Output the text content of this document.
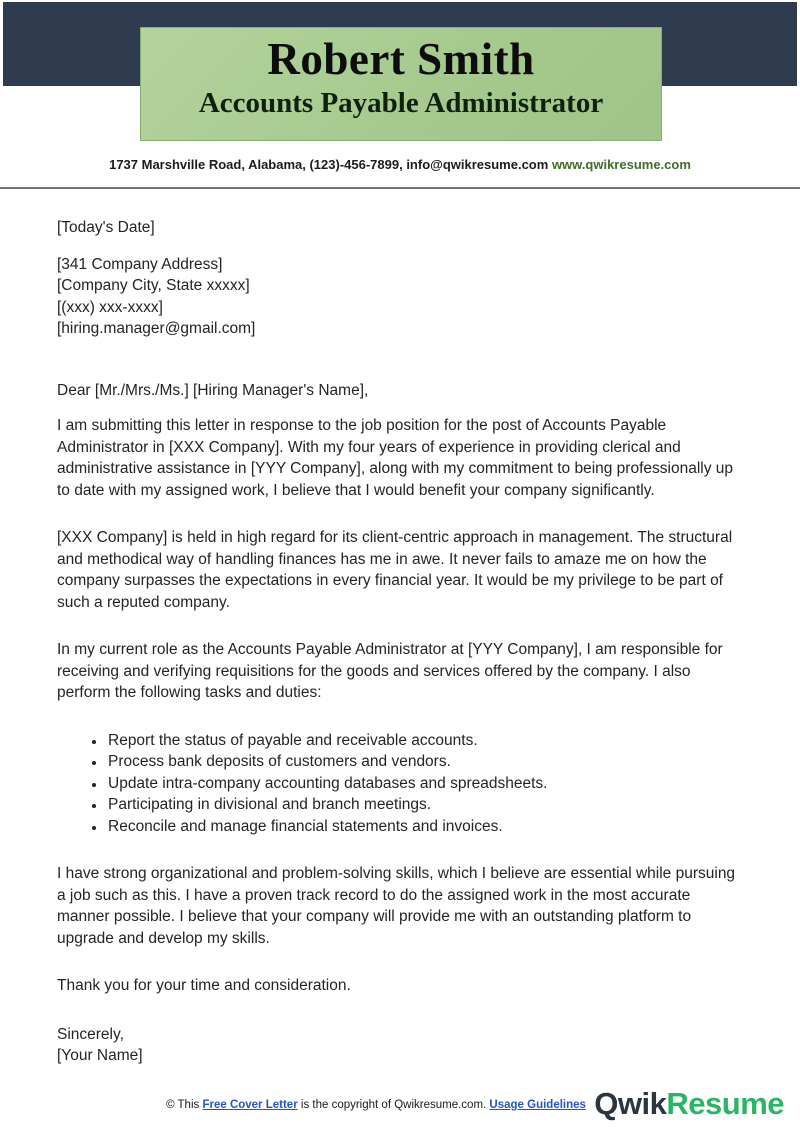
Robert Smith
Accounts Payable Administrator
1737 Marshville Road, Alabama, (123)-456-7899, info@qwikresume.com www.qwikresume.com

[Today's Date]

[341 Company Address]
[Company City, State xxxxx]
[(xxx) xxx-xxxx]
[hiring.manager@gmail.com]

Dear [Mr./Mrs./Ms.] [Hiring Manager's Name],

I am submitting this letter in response to the job position for the post of Accounts Payable Administrator in [XXX Company]. With my four years of experience in providing clerical and administrative assistance in [YYY Company], along with my commitment to being professionally up to date with my assigned work, I believe that I would benefit your company significantly.

[XXX Company] is held in high regard for its client-centric approach in management. The structural and methodical way of handling finances has me in awe. It never fails to amaze me on how the company surpasses the expectations in every financial year. It would be my privilege to be part of such a reputed company.

In my current role as the Accounts Payable Administrator at [YYY Company], I am responsible for receiving and verifying requisitions for the goods and services offered by the company. I also perform the following tasks and duties:

• Report the status of payable and receivable accounts.
• Process bank deposits of customers and vendors.
• Update intra-company accounting databases and spreadsheets.
• Participating in divisional and branch meetings.
• Reconcile and manage financial statements and invoices.

I have strong organizational and problem-solving skills, which I believe are essential while pursuing a job such as this. I have a proven track record to do the assigned work in the most accurate manner possible. I believe that your company will provide me with an outstanding platform to upgrade and develop my skills.

Thank you for your time and consideration.

Sincerely,
[Your Name]
© This Free Cover Letter is the copyright of Qwikresume.com. Usage Guidelines QwikResume
